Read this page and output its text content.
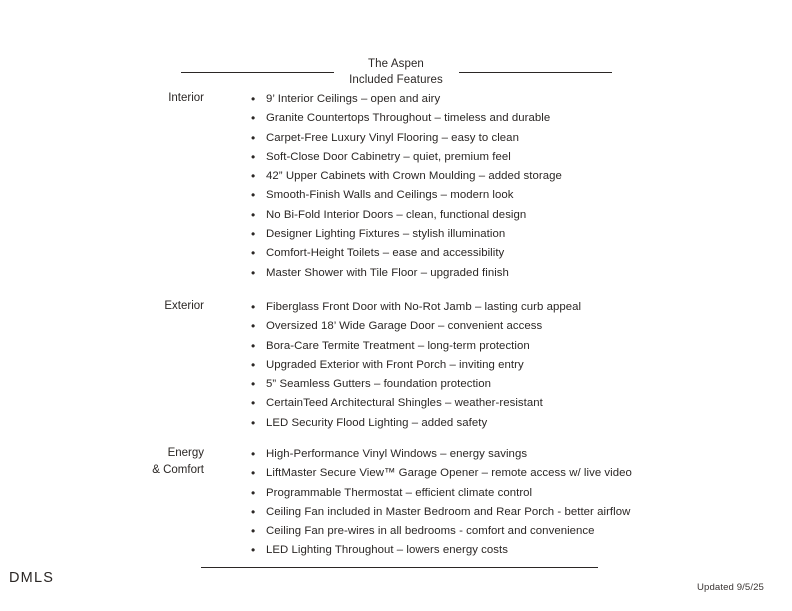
The Aspen
Included Features
Interior	• 9’ Interior Ceilings – open and airy
• Granite Countertops Throughout – timeless and durable
• Carpet-Free Luxury Vinyl Flooring – easy to clean
• Soft-Close Door Cabinetry – quiet, premium feel
• 42” Upper Cabinets with Crown Moulding – added storage
• Smooth-Finish Walls and Ceilings – modern look
• No Bi-Fold Interior Doors – clean, functional design
• Designer Lighting Fixtures – stylish illumination
• Comfort-Height Toilets – ease and accessibility
• Master Shower with Tile Floor – upgraded finish
Exterior	• Fiberglass Front Door with No-Rot Jamb – lasting curb appeal
• Oversized 18’ Wide Garage Door – convenient access
• Bora-Care Termite Treatment – long-term protection
• Upgraded Exterior with Front Porch – inviting entry
• 5” Seamless Gutters – foundation protection
• CertainTeed Architectural Shingles – weather-resistant
• LED Security Flood Lighting – added safety
Energy
& Comfort
• High-Performance Vinyl Windows – energy savings
• LiftMaster Secure View™ Garage Opener – remote access w/ live video
• Programmable Thermostat – efficient climate control
• Ceiling Fan included in Master Bedroom and Rear Porch - better airflow
• Ceiling Fan pre-wires in all bedrooms - comfort and convenience
• LED Lighting Throughout – lowers energy costs
DMLS
Updated 9/5/25
